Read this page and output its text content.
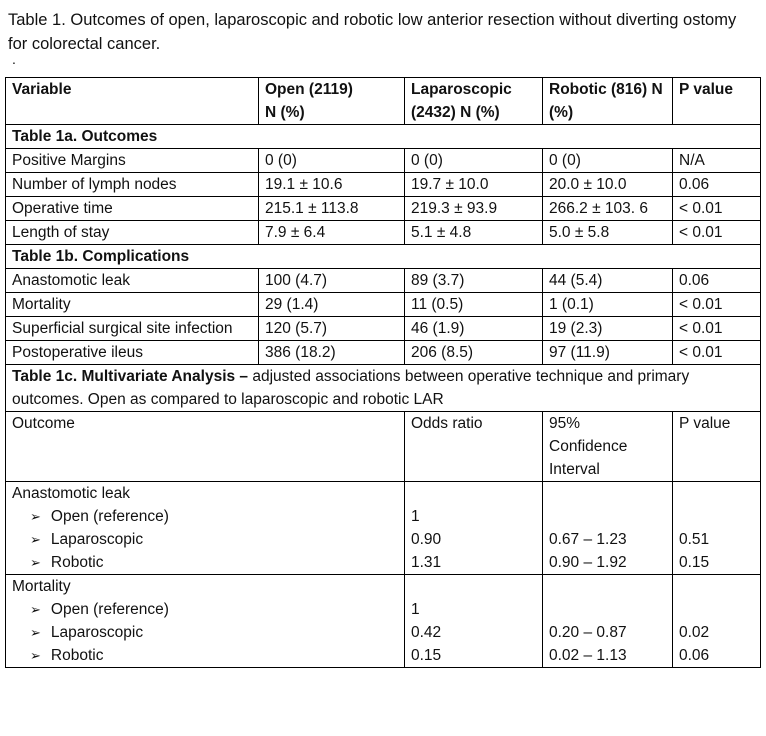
Table 1. Outcomes of open, laparoscopic and robotic low anterior resection without diverting ostomy for colorectal cancer.
.
Variable	Open (2119) N (%)	Laparoscopic (2432) N (%)	Robotic (816) N (%)	P value
Table 1a. Outcomes				
Positive Margins	0 (0)	0 (0)	0 (0)	N/A
Number of lymph nodes	19.1 ± 10.6	19.7 ± 10.0	20.0 ± 10.0	0.06
Operative time	215.1 ± 113.8	219.3 ± 93.9	266.2 ± 103. 6	< 0.01
Length of stay	7.9 ± 6.4	5.1 ± 4.8	5.0 ± 5.8	< 0.01
Table 1b. Complications				
Anastomotic leak	100 (4.7)	89 (3.7)	44 (5.4)	0.06
Mortality	29 (1.4)	11 (0.5)	1 (0.1)	< 0.01
Superficial surgical site infection	120 (5.7)	46 (1.9)	19 (2.3)	< 0.01
Postoperative ileus	386 (18.2)	206 (8.5)	97 (11.9)	< 0.01
Table 1c. Multivariate Analysis – adjusted associations between operative technique and primary outcomes. Open as compared to laparoscopic and robotic LAR				
Outcome		Odds ratio	95% Confidence Interval	P value
Anastomotic leak				
➢ Open (reference)		1		
➢ Laparoscopic		0.90	0.67 – 1.23	0.51
➢ Robotic		1.31	0.90 – 1.92	0.15
Mortality				
➢ Open (reference)		1		
➢ Laparoscopic		0.42	0.20 – 0.87	0.02
➢ Robotic		0.15	0.02 – 1.13	0.06
